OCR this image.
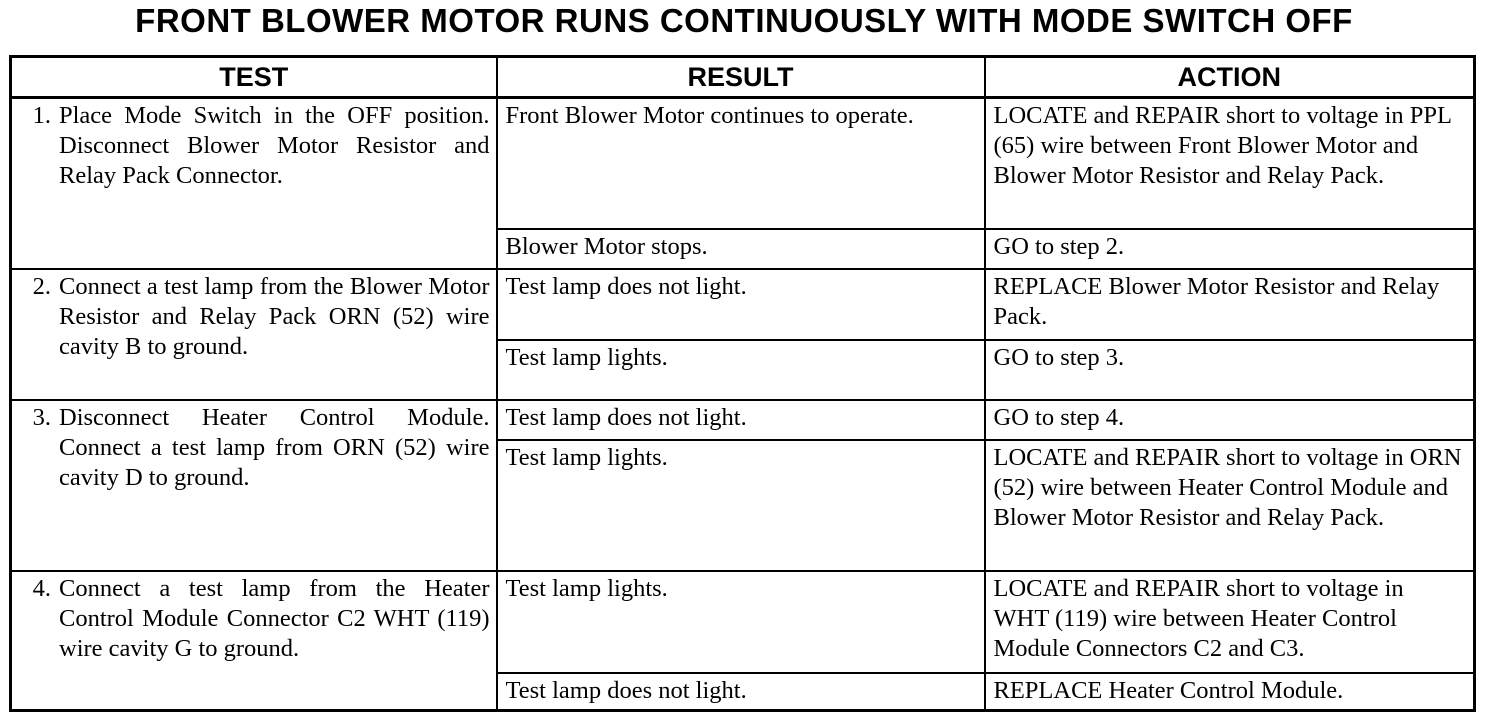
FRONT BLOWER MOTOR RUNS CONTINUOUSLY WITH MODE SWITCH OFF
TEST	RESULT	ACTION

1. Place Mode Switch in the OFF position. Disconnect Blower Motor Resistor and Relay Pack Connector.	Front Blower Motor continues to operate.	LOCATE and REPAIR short to voltage in PPL (65) wire between Front Blower Motor and Blower Motor Resistor and Relay Pack.
	Blower Motor stops.	GO to step 2.

2. Connect a test lamp from the Blower Motor Resistor and Relay Pack ORN (52) wire cavity B to ground.	Test lamp does not light.	REPLACE Blower Motor Resistor and Relay Pack.
	Test lamp lights.	GO to step 3.

3. Disconnect Heater Control Module. Connect a test lamp from ORN (52) wire cavity D to ground.	Test lamp does not light.	GO to step 4.
	Test lamp lights.	LOCATE and REPAIR short to voltage in ORN (52) wire between Heater Control Module and Blower Motor Resistor and Relay Pack.

4. Connect a test lamp from the Heater Control Module Connector C2 WHT (119) wire cavity G to ground.	Test lamp lights.	LOCATE and REPAIR short to voltage in WHT (119) wire between Heater Control Module Connectors C2 and C3.
	Test lamp does not light.	REPLACE Heater Control Module.
